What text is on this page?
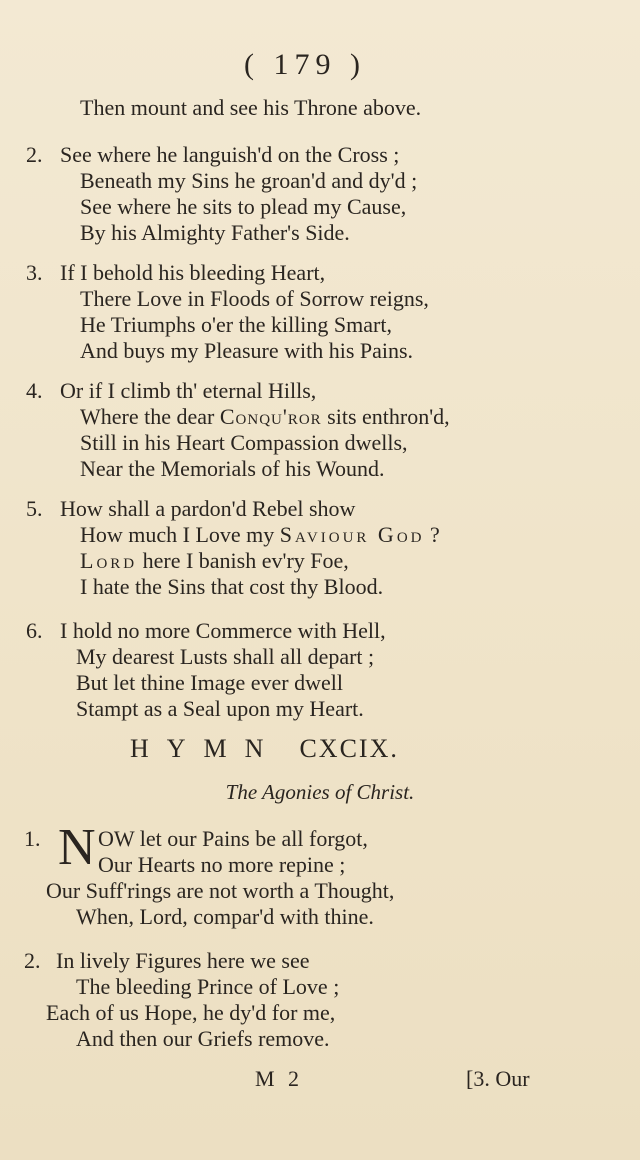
( 179 )
Then mount and see his Throne above.
2. See where he languish'd on the Cross ;
Beneath my Sins he groan'd and dy'd ;
See where he sits to plead my Cause,
By his Almighty Father's Side.
3. If I behold his bleeding Heart,
There Love in Floods of Sorrow reigns,
He Triumphs o'er the killing Smart,
And buys my Pleasure with his Pains.
4. Or if I climb th' eternal Hills,
Where the dear Conqu'ror sits enthron'd,
Still in his Heart Compassion dwells,
Near the Memorials of his Wound.
5. How shall a pardon'd Rebel show
How much I Love my Saviour God ?
Lord here I banish ev'ry Foe,
I hate the Sins that cost thy Blood.
6. I hold no more Commerce with Hell,
My dearest Lusts shall all depart ;
But let thine Image ever dwell
Stampt as a Seal upon my Heart.
HYMN CXCIX.
The Agonies of Christ.
1. N OW let our Pains be all forgot,
Our Hearts no more repine ;
Our Suff'rings are not worth a Thought,
When, Lord, compar'd with thine.
2. In lively Figures here we see
The bleeding Prince of Love ;
Each of us Hope, he dy'd for me,
And then our Griefs remove.
M 2	[3. Our
